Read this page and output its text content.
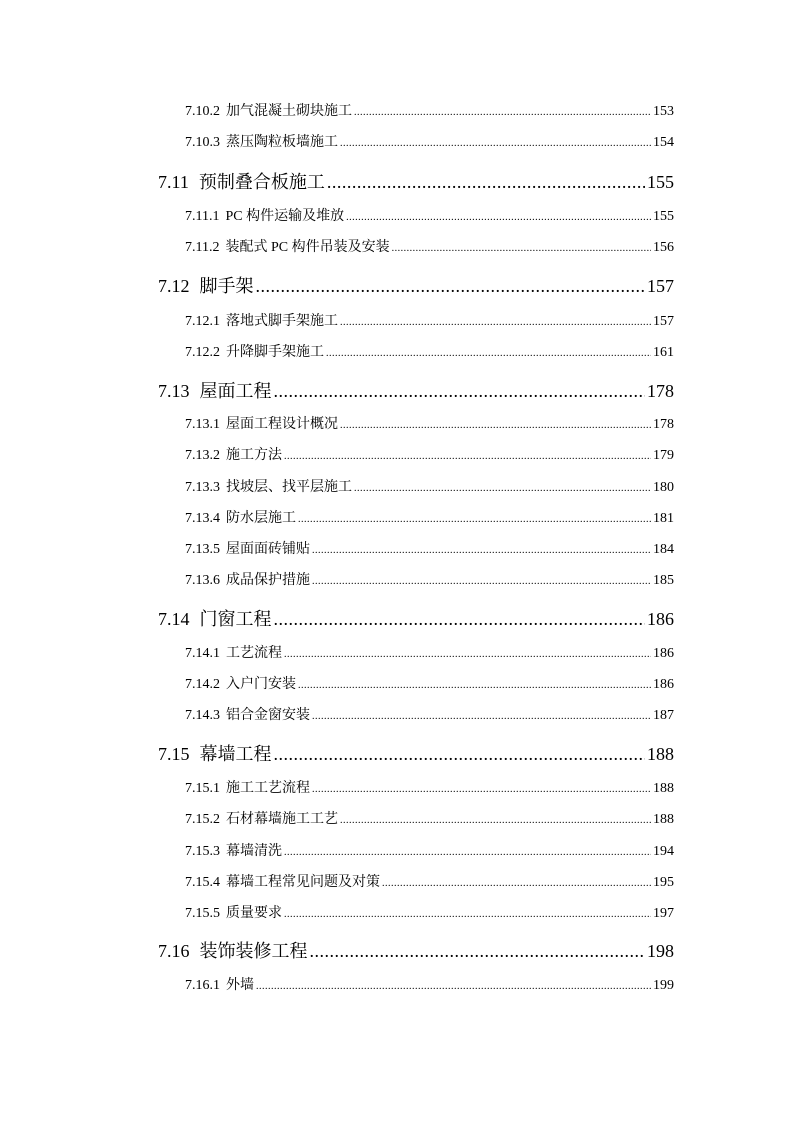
7.10.2 加气混凝土砌块施工 .....	153
7.10.3 蒸压陶粒板墙施工 .....	154
7.11 预制叠合板施工 .....	155
7.11.1 PC 构件运输及堆放 .....	155
7.11.2 装配式 PC 构件吊装及安装 .....	156
7.12 脚手架 .....	157
7.12.1 落地式脚手架施工 .....	157
7.12.2 升降脚手架施工 .....	161
7.13 屋面工程 .....	178
7.13.1 屋面工程设计概况 .....	178
7.13.2 施工方法 .....	179
7.13.3 找坡层、找平层施工 .....	180
7.13.4 防水层施工 .....	181
7.13.5 屋面面砖铺贴 .....	184
7.13.6 成品保护措施 .....	185
7.14 门窗工程 .....	186
7.14.1 工艺流程 .....	186
7.14.2 入户门安装 .....	186
7.14.3 铝合金窗安装 .....	187
7.15 幕墙工程 .....	188
7.15.1 施工工艺流程 .....	188
7.15.2 石材幕墙施工工艺 .....	188
7.15.3 幕墙清洗 .....	194
7.15.4 幕墙工程常见问题及对策 .....	195
7.15.5 质量要求 .....	197
7.16 装饰装修工程 .....	198
7.16.1 外墙 .....	199
